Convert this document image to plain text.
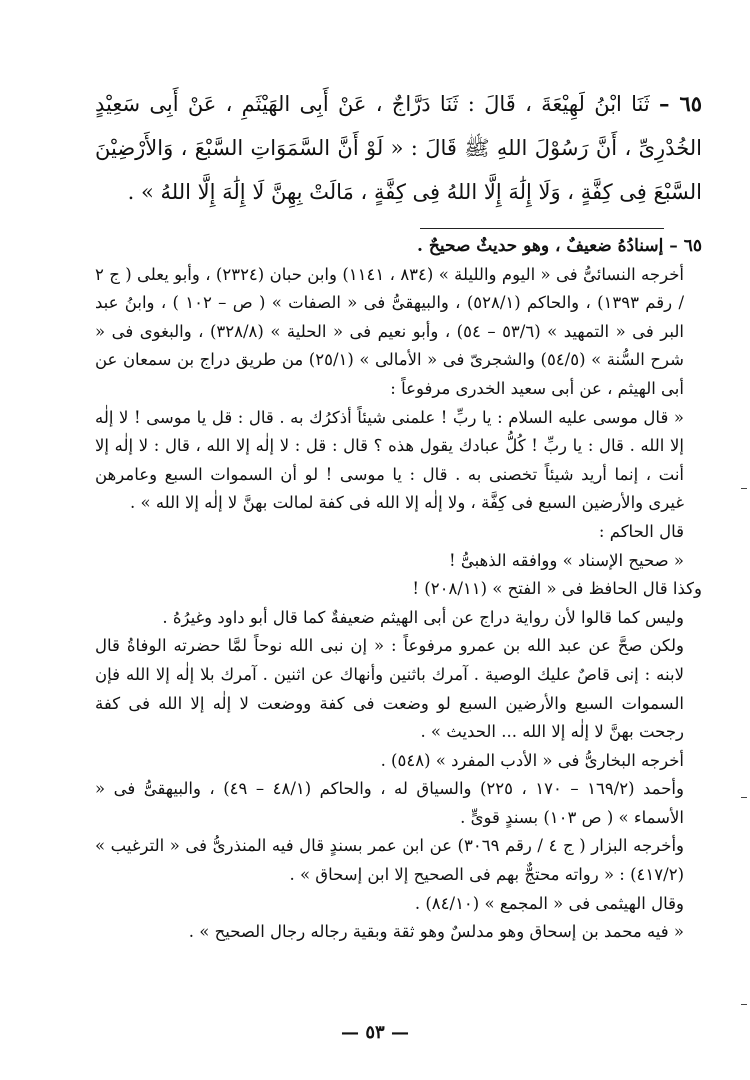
٦٥ – ثَنَا ابْنُ لَهِيْعَةَ ، قَالَ : ثَنَا دَرَّاجٌ ، عَنْ أَبِى الهَيْثَمِ ، عَنْ أَبِى سَعِيْدٍ الخُدْرِىِّ ، أَنَّ رَسُوْلَ اللهِ ﷺ قَالَ : « لَوْ أَنَّ السَّمَوَاتِ السَّبْعَ ، وَالأَرْضِيْنَ السَّبْعَ فِى كِفَّةٍ ، وَلَا إِلَٰهَ إِلَّا اللهُ فِى كِفَّةٍ ، مَالَتْ بِهِنَّ لَا إِلَٰهَ إِلَّا اللهُ » .

٦٥ – إسنادُهُ ضعيفٌ ، وهو حديثٌ صحيحٌ .

أخرجه النسائىُّ فى « اليوم والليلة » (٨٣٤ ، ١١٤١) وابن حبان (٢٣٢٤) ، وأبو يعلى ( ج ٢ / رقم ١٣٩٣) ، والحاكم (٥٢٨/١) ، والبيهقىُّ فى « الصفات » ( ص – ١٠٢ ) ، وابنُ عبد البر فى « التمهيد » (٥٣/٦ – ٥٤) ، وأبو نعيم فى « الحلية » (٣٢٨/٨) ، والبغوى فى « شرح السُّنة » (٥٤/٥) والشجرىّ فى « الأمالى » (٢٥/١) من طريق دراج بن سمعان عن أبى الهيثم ، عن أبى سعيد الخدرى مرفوعاً :

« قال موسى عليه السلام : يا ربِّ ! علمنى شيئاً أذكرُك به . قال : قل يا موسى ! لا إلٰه إلا الله . قال : يا ربِّ ! كُلُّ عبادك يقول هذه ؟ قال : قل : لا إلٰه إلا الله ، قال : لا إلٰه إلا أنت ، إنما أريد شيئاً تخصنى به . قال : يا موسى ! لو أن السموات السبع وعامرهن غيرى والأرضين السبع فى كِفَّة ، ولا إلٰه إلا الله فى كفة لمالت بهنَّ لا إلٰه إلا الله » .

قال الحاكم :

« صحيح الإسناد » ووافقه الذهبىُّ !

وكذا قال الحافظ فى « الفتح » (٢٠٨/١١) !

وليس كما قالوا لأن رواية دراج عن أبى الهيثم ضعيفةٌ كما قال أبو داود وغيرُهُ .

ولكن صحَّ عن عبد الله بن عمرو مرفوعاً : « إن نبى الله نوحاً لمَّا حضرته الوفاةُ قال لابنه : إنى قاصٌ عليك الوصية . آمرك باثنين وأنهاك عن اثنين . آمرك بلا إلٰه إلا الله فإن السموات السبع والأرضين السبع لو وضعت فى كفة ووضعت لا إلٰه إلا الله فى كفة رجحت بهنَّ لا إلٰه إلا الله ... الحديث » .

أخرجه البخارىُّ فى « الأدب المفرد » (٥٤٨) .

وأحمد (١٦٩/٢ – ١٧٠ ، ٢٢٥) والسياق له ، والحاكم (٤٨/١ – ٤٩) ، والبيهقىُّ فى « الأسماء » ( ص ١٠٣) بسندٍ قوىٍّ .

وأخرجه البزار ( ج ٤ / رقم ٣٠٦٩) عن ابن عمر بسندٍ قال فيه المنذرىُّ فى « الترغيب » (٤١٧/٢) : « رواته محتجٌّ بهم فى الصحيح إلا ابن إسحاق » .

وقال الهيثمى فى « المجمع » (٨٤/١٠) .

« فيه محمد بن إسحاق وهو مدلسٌ وهو ثقة وبقية رجاله رجال الصحيح » .

— ٥٣ —
